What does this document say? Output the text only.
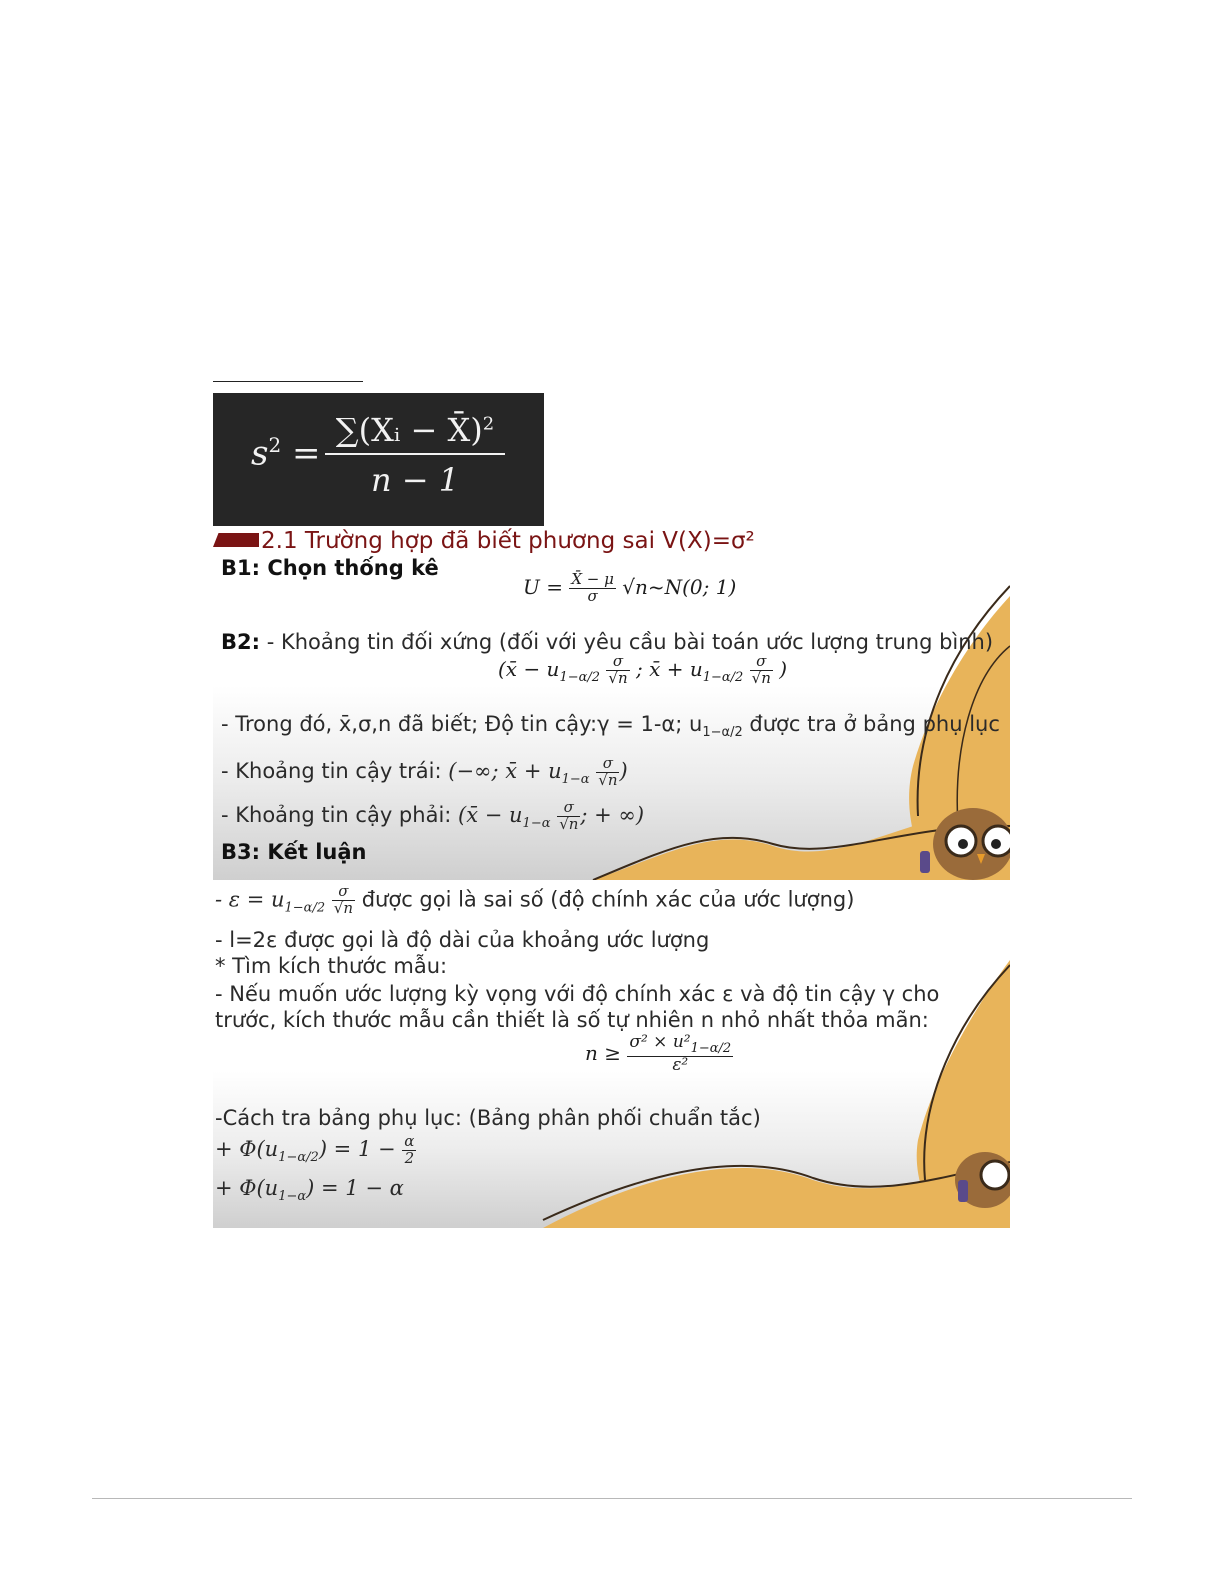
$s^2$ =
∑(Xᵢ − X̄)$^2$
n − 1
2.1 Trường hợp đã biết phương sai V(X)=σ²
B1: Chọn thống kê
$U = \frac{X̄ - \mu}{\sigma}$ √n~N(0; 1)
B2: - Khoảng tin đối xứng (đối với yêu cầu bài toán ước lượng trung bình)
(x̄ − $u_{1-\alpha/2} \frac{\sigma}{√n}$ ; x̄ + $u_{1-\alpha/2} \frac{\sigma}{√n}$ )
- Trong đó, x̄,σ,n đã biết; Độ tin cậy:γ = 1-α; $u_{1-\alpha/2}$ được tra ở bảng phụ lục
- Khoảng tin cậy trái: (−∞; x̄ + $u_{1-\alpha} \frac{\sigma}{√n}$ )
- Khoảng tin cậy phải: (x̄ − $u_{1-\alpha} \frac{\sigma}{√n}$ ; + ∞)
B3: Kết luận
- $\varepsilon = u_{1-\alpha/2} \frac{\sigma}{√n}$ được gọi là sai số (độ chính xác của ước lượng)
- l=2ε được gọi là độ dài của khoảng ước lượng
* Tìm kích thước mẫu:
- Nếu muốn ước lượng kỳ vọng với độ chính xác ε và độ tin cậy γ cho
trước, kích thước mẫu cần thiết là số tự nhiên n nhỏ nhất thỏa mãn:
$n \ge \frac{\sigma^2 \times u^2_{1-\alpha/2}}{\text{ε²}}$
-Cách tra bảng phụ lục: (Bảng phân phối chuẩn tắc)
+ $\Phi(u_{1-\alpha/2}) = 1 - \frac{\alpha}{2}$
+ $\Phi(u_{1-\alpha}) = 1 - \alpha$
